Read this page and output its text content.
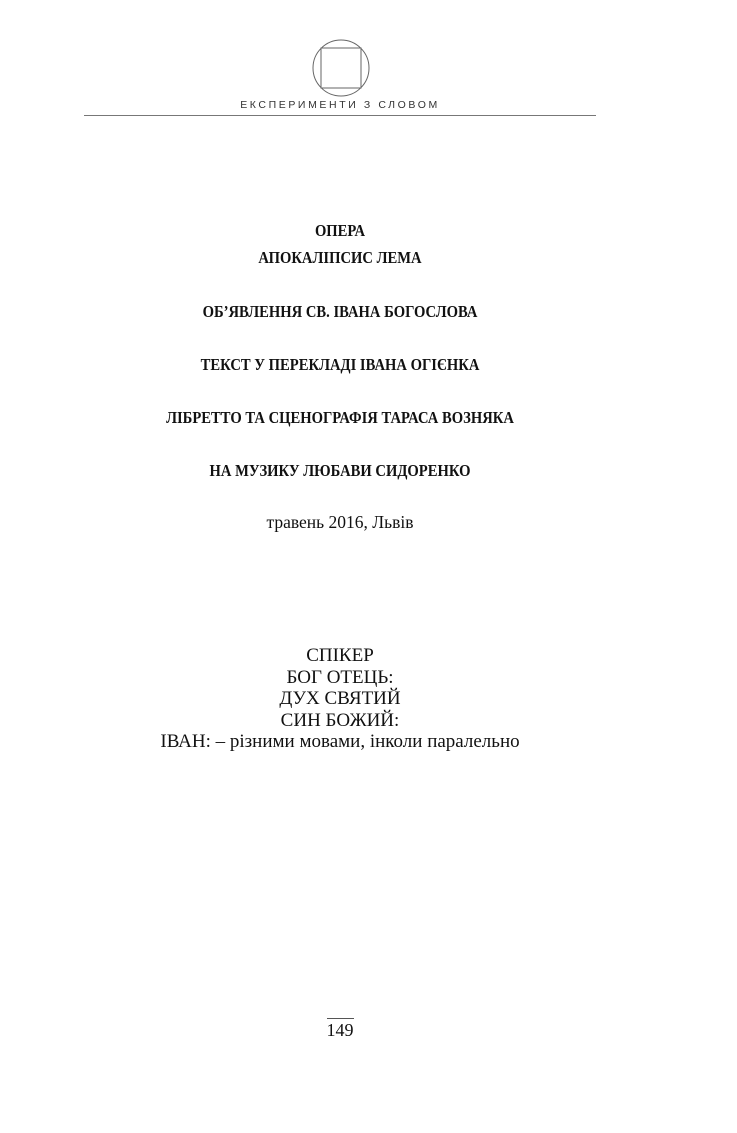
ЕКСПЕРИМЕНТИ З СЛОВОМ
ОПЕРА
АПОКАЛІПСИС ЛЕМА
ОБ’ЯВЛЕННЯ СВ. ІВАНА БОГОСЛОВА
ТЕКСТ У ПЕРЕКЛАДІ ІВАНА ОГІЄНКА
ЛІБРЕТТО ТА СЦЕНОГРАФІЯ ТАРАСА ВОЗНЯКА
НА МУЗИКУ ЛЮБАВИ СИДОРЕНКО
травень 2016, Львів
СПІКЕР
БОГ ОТЕЦЬ:
ДУХ СВЯТИЙ
СИН БОЖИЙ:
ІВАН: – різними мовами, інколи паралельно
149
